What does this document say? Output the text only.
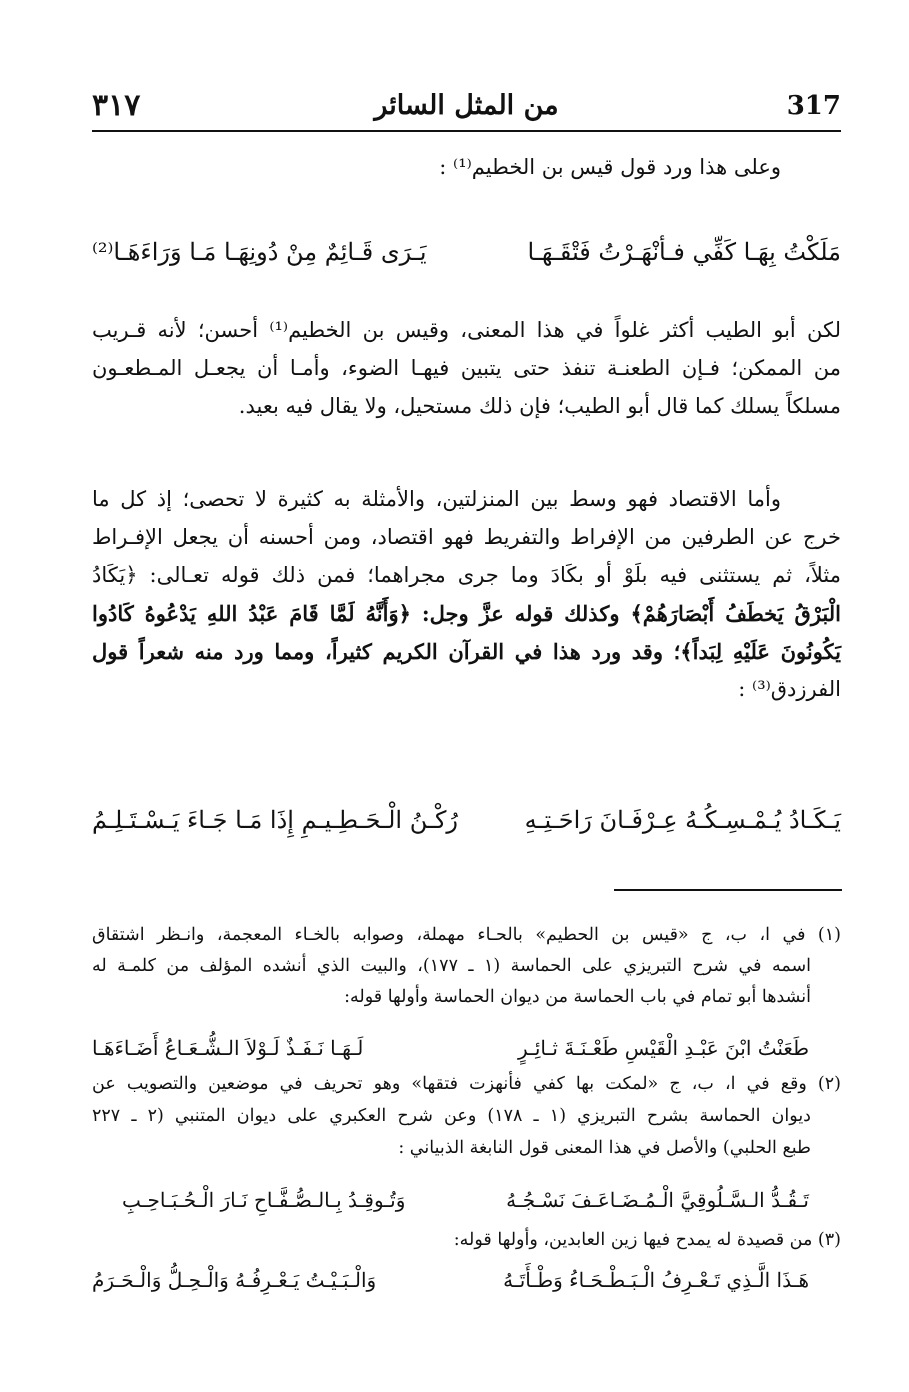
٣١٧	من المثل السائر	317
وعلى هذا ورد قول قيس بن الخطيم⁽¹⁾ :
مَلَكْتُ بِهَـا كَفِّي فـأنْهَـرْتُ فَتْقَـهَـا
يَـرَى قَـائِمٌ مِنْ دُونِهَـا مَـا وَرَاءَهَـا⁽²⁾
لكن أبو الطيب أكثر غلواً في هذا المعنى، وقيس بن الخطيم⁽¹⁾ أحسن؛ لأنه قـريب
من الممكن؛ فـإن الطعنـة تنفذ حتى يتبين فيهـا الضوء، وأمـا أن يجعـل المـطعـون
مسلكاً يسلك كما قال أبو الطيب؛ فإن ذلك مستحيل، ولا يقال فيه بعيد.
وأما الاقتصاد فهو وسط بين المنزلتين، والأمثلة به كثيرة لا تحصى؛ إذ كل ما
خرج عن الطرفين من الإفراط والتفريط فهو اقتصاد، ومن أحسنه أن يجعل الإفـراط
مثلاً، ثم يستثنى فيه بلَوْ أو بكَادَ وما جرى مجراهما؛ فمن ذلك قوله تعـالى: ﴿يَكَادُ
الْبَرْقُ يَخطَفُ أَبْصَارَهُمْ﴾ وكذلك قوله عزَّ وجل: ﴿وَأَنَّهُ لَمَّا قَامَ عَبْدُ اللهِ يَدْعُوهُ كَادُوا
يَكُونُونَ عَلَيْهِ لِبَداً﴾؛ وقد ورد هذا في القرآن الكريم كثيراً، ومما ورد منه شعراً قول
الفرزدق⁽³⁾ :
يَـكَـادُ يُـمْـسِـكُـهُ عِـرْفَـانَ رَاحَـتِـهِ
رُكْـنُ الْـحَـطِـيـمِ إِذَا مَـا جَـاءَ يَـسْـتَـلِـمُ
(١) في ا، ب، ج «قيس بن الحطيم» بالحـاء مهملة، وصوابه بالخـاء المعجمة، وانـظر اشتقاق
اسمه في شرح التبريزي على الحماسة (١ ـ ١٧٧)، والبيت الذي أنشده المؤلف من كلمـة له
أنشدها أبو تمام في باب الحماسة من ديوان الحماسة وأولها قوله:
طَعَنْتُ ابْنَ عَبْـدِ الْقَيْسِ طَعْـنَـةَ ثـائِـرٍ
لَـهَـا نَـفَـذٌ لَـوْلاَ الـشُّـعَـاعُ أَضَـاءَهَـا
(٢) وقع في ا، ب، ج «لمكت بها كفي فأنهزت فتقها» وهو تحريف في موضعين والتصويب عن
ديوان الحماسة بشرح التبريزي (١ ـ ١٧٨) وعن شرح العكبري على ديوان المتنبي (٢ ـ ٢٢٧
طبع الحلبي) والأصل في هذا المعنى قول النابغة الذبياني :
تَـقُـدُّ الـسَّـلُوقِيَّ الْـمُـضَـاعَـفَ نَسْـجُـهُ
وَتُـوقِـدُ بِـالـصُّـفَّـاحِ نَـارَ الْـحُـبَـاحِـبِ
(٣) من قصيدة له يمدح فيها زين العابدين، وأولها قوله:
هَـذَا الَّـذِي تَـعْـرِفُ الْـبَـطْـحَـاءُ وَطْـأَتَـهُ
وَالْـبَـيْـتُ يَـعْـرِفُـهُ وَالْـحِـلُّ وَالْـحَـرَمُ
